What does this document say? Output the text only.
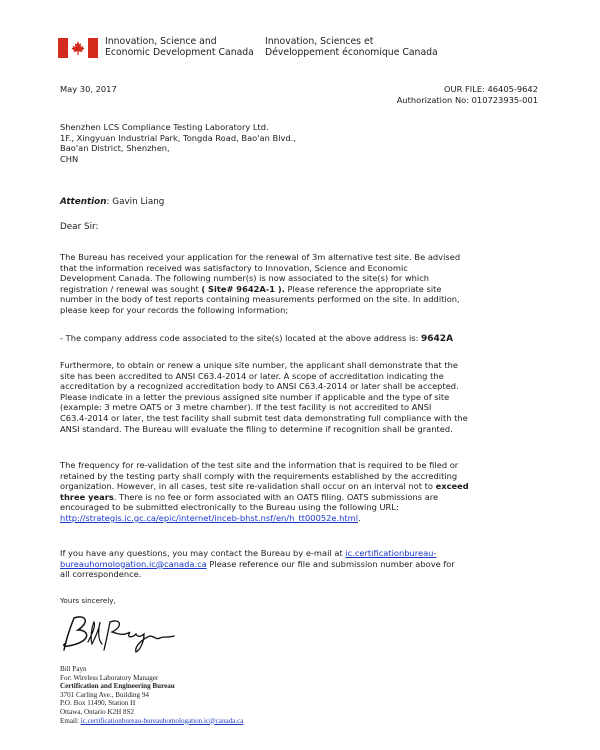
Innovation, Science and
Economic Development Canada
Innovation, Sciences et
Développement économique Canada
May 30, 2017	OUR FILE: 46405-9642
Authorization No: 010723935-001
Shenzhen LCS Compliance Testing Laboratory Ltd.
1F., Xingyuan Industrial Park, Tongda Road, Bao'an Blvd.,
Bao'an District, Shenzhen,
CHN
Attention: Gavin Liang
Dear Sir:
The Bureau has received your application for the renewal of 3m alternative test site. Be advised
that the information received was satisfactory to Innovation, Science and Economic
Development Canada. The following number(s) is now associated to the site(s) for which
registration / renewal was sought ( Site# 9642A-1 ). Please reference the appropriate site
number in the body of test reports containing measurements performed on the site. In addition,
please keep for your records the following information;
- The company address code associated to the site(s) located at the above address is: 9642A
Furthermore, to obtain or renew a unique site number, the applicant shall demonstrate that the
site has been accredited to ANSI C63.4-2014 or later. A scope of accreditation indicating the
accreditation by a recognized accreditation body to ANSI C63.4-2014 or later shall be accepted.
Please indicate in a letter the previous assigned site number if applicable and the type of site
(example: 3 metre OATS or 3 metre chamber). If the test facility is not accredited to ANSI
C63.4-2014 or later, the test facility shall submit test data demonstrating full compliance with the
ANSI standard. The Bureau will evaluate the filing to determine if recognition shall be granted.
The frequency for re-validation of the test site and the information that is required to be filed or
retained by the testing party shall comply with the requirements established by the accrediting
organization. However, in all cases, test site re-validation shall occur on an interval not to exceed
three years. There is no fee or form associated with an OATS filing. OATS submissions are
encouraged to be submitted electronically to the Bureau using the following URL:
http://strategis.ic.gc.ca/epic/internet/inceb-bhst.nsf/en/h_tt00052e.html.
If you have any questions, you may contact the Bureau by e-mail at ic.certificationbureau-
bureauhomologation.ic@canada.ca Please reference our file and submission number above for
all correspondence.
Yours sincerely,
Bill Payn
For: Wireless Laboratory Manager
Certification and Engineering Bureau
3701 Carling Ave., Building 94
P.O. Box 11490, Station H
Ottawa, Ontario K2H 8S2
Email: ic.certificationbureau-bureauhomologation.ic@canada.ca
